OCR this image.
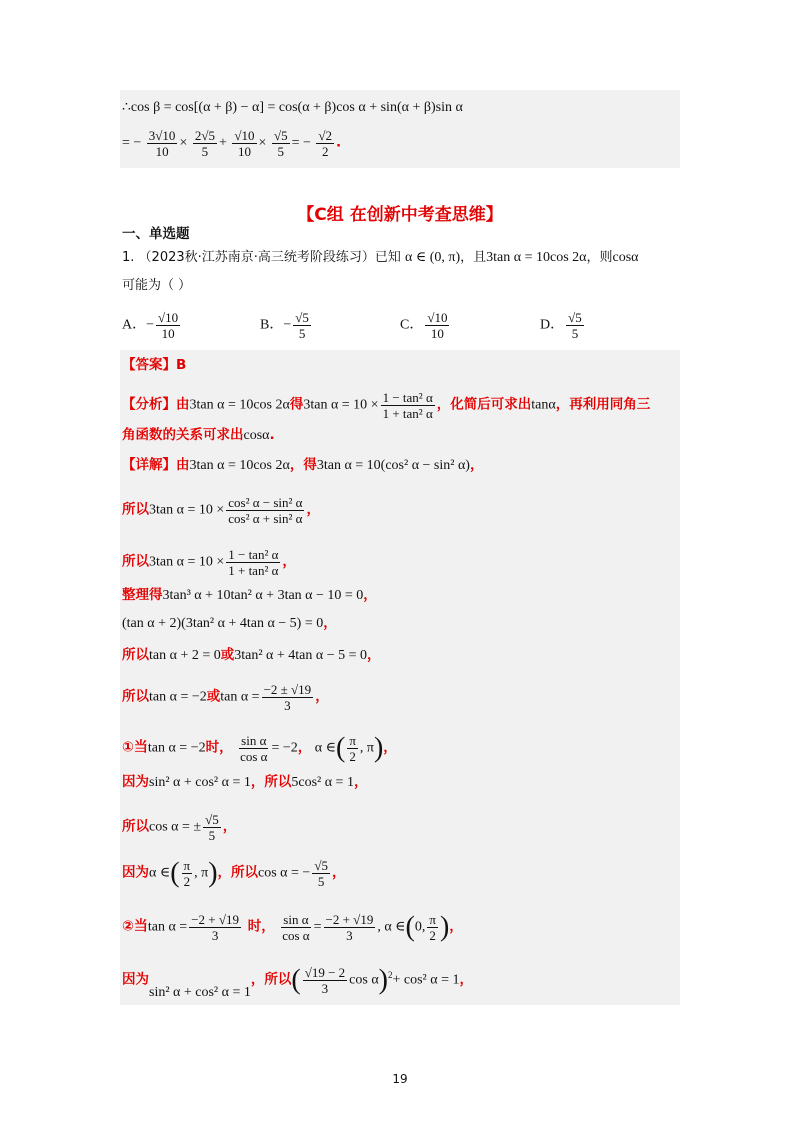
∴cos β = cos[(α + β) − α] = cos(α + β)cos α + sin(α + β)sin α
= − $\frac{3√10}{10} \times \frac{2√5}{5} + \frac{√10}{10} \times \frac{√5}{5}$ = − $\frac{√2}{2}$ .
【C组 在创新中考查思维】
一、单选题
1. （2023秋·江苏南京·高三统考阶段练习）已知 α ∈ (0, π)，且3tan α = 10cos 2α，则cosα
可能为（ ）
A．− $\frac{√10}{10}$	B．− $\frac{√5}{5}$	C． $\frac{√10}{10}$	D． $\frac{√5}{5}$
【答案】B
【分析】由3tan α = 10cos 2α得3tan $\alpha = 10 \times \frac{\text{1 − tan² α}}{\text{1 + tan² α}}$ ，化简后可求出tanα，再利用同角三
角函数的关系可求出cosα.
【详解】由3tan α = 10cos 2α，得3tan α = 10(cos² α − sin² α)，
所以3tan $\alpha = 10 \times \frac{\text{cos² α − sin² α}}{\text{cos² α + sin² α}}$ ，
所以3tan $\alpha = 10 \times \frac{\text{1 − tan² α}}{\text{1 + tan² α}}$ ，
整理得3tan³ α + 10tan² α + 3tan α − 10 = 0，
(tan α + 2)(3tan² α + 4tan α − 5) = 0，
所以tan α + 2 = 0或3tan² α + 4tan α − 5 = 0，
所以tan α = −2或$\tan \alpha = \frac{-2 \pm √19}{3}$ ，
①当tan α = −2时， $\frac{\text{sin α}}{\text{cos α}} = -2$， α ∈( $\frac{\pi}{2}$ , π)，
因为sin² α + cos² α = 1，所以5cos² α = 1，
所以cos α = ± $\frac{√5}{5}$ ，
因为α ∈( $\frac{\pi}{2}$ , π)，所以cos α = − $\frac{√5}{5}$ ，
②当$\tan \alpha = \frac{-2 + √19}{3}$ 时， $\frac{\text{sin α}}{\text{cos α}} = \frac{-2 + √19}{3}$ , α ∈(0, $\frac{\pi}{2}$ )，
因为sin² α + cos² α = 1，所以( $\frac{√19 - 2}{3}$ cos α)$^2$+ cos² α = 1，
19
